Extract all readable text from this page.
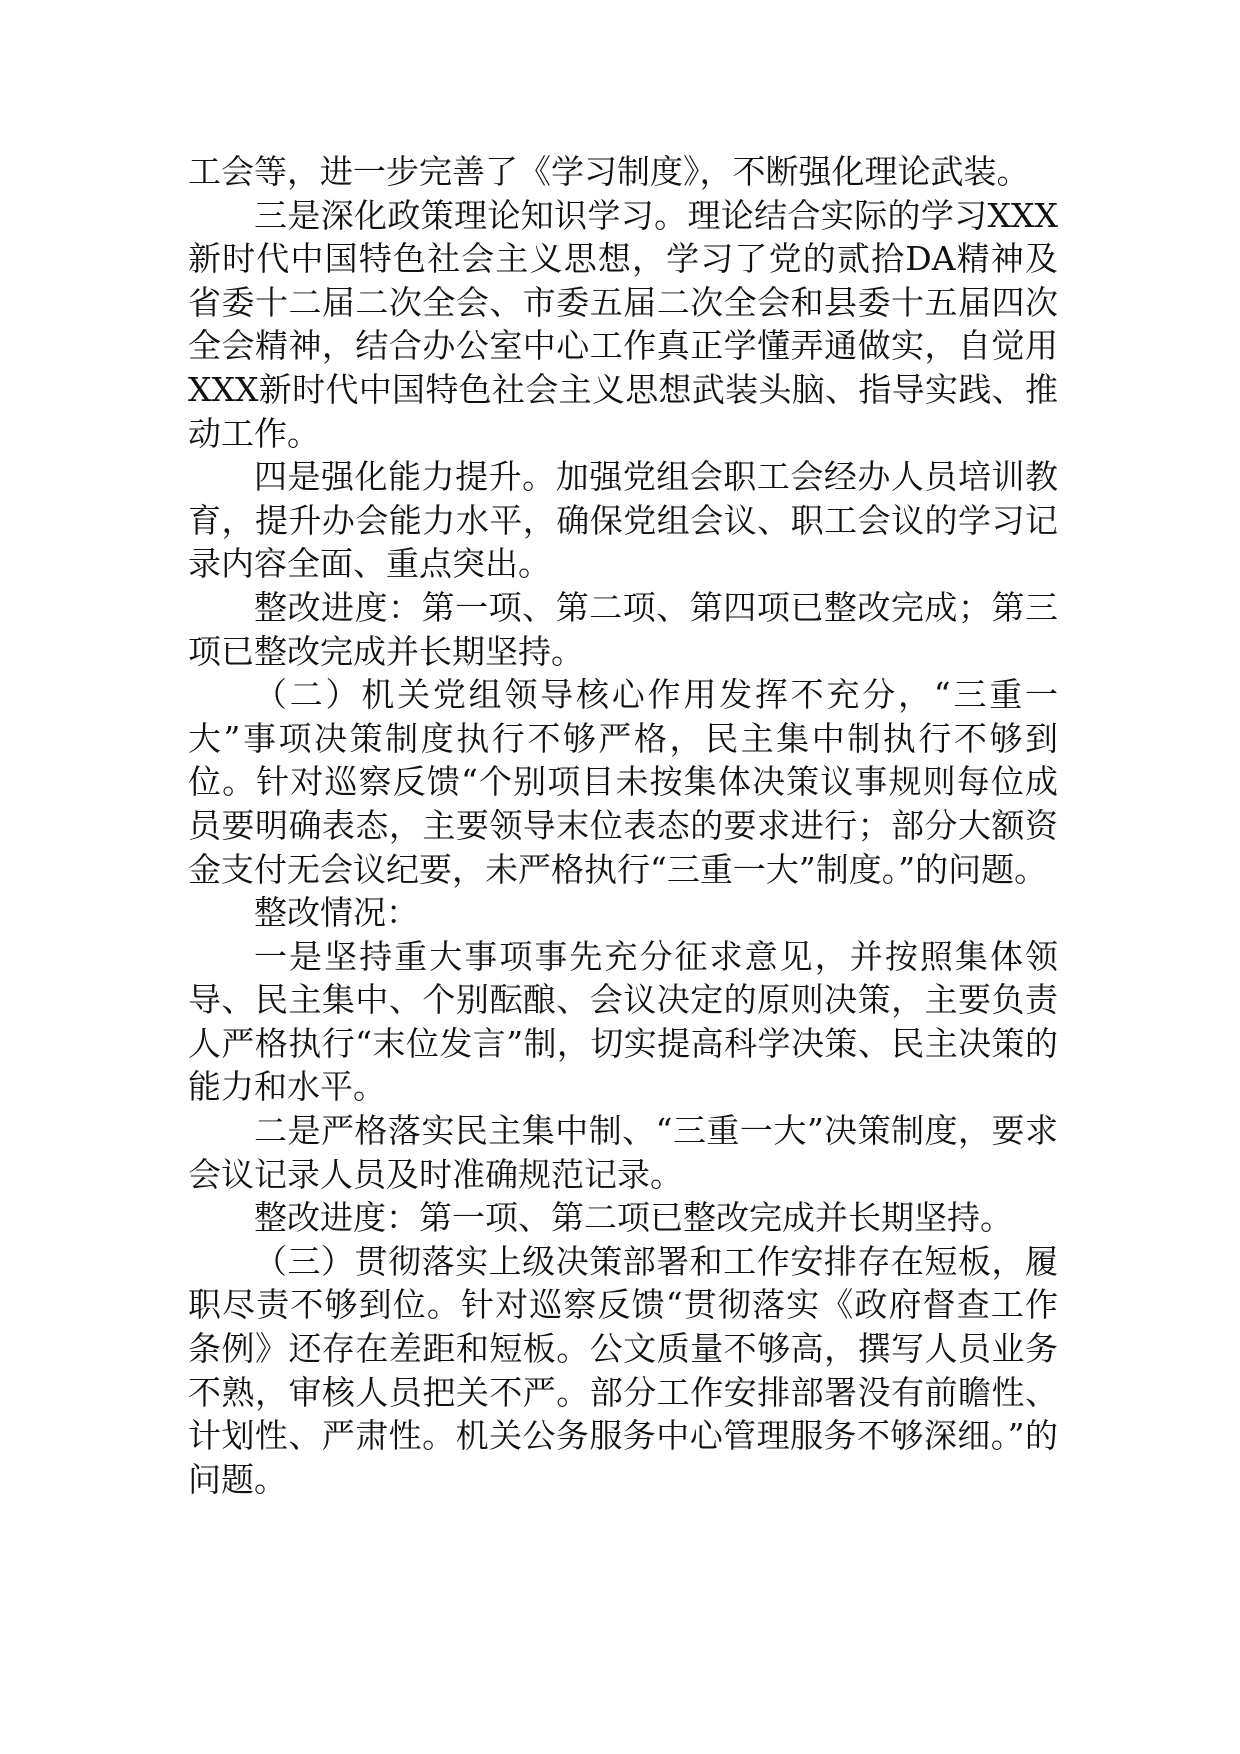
工会等，进一步完善了《学习制度》，不断强化理论武装。

三是深化政策理论知识学习。理论结合实际的学习XXX新时代中国特色社会主义思想，学习了党的贰拾DA精神及省委十二届二次全会、市委五届二次全会和县委十五届四次全会精神，结合办公室中心工作真正学懂弄通做实，自觉用XXX新时代中国特色社会主义思想武装头脑、指导实践、推动工作。

四是强化能力提升。加强党组会职工会经办人员培训教育，提升办会能力水平，确保党组会议、职工会议的学习记录内容全面、重点突出。

整改进度：第一项、第二项、第四项已整改完成；第三项已整改完成并长期坚持。

（二）机关党组领导核心作用发挥不充分，“三重一大”事项决策制度执行不够严格，民主集中制执行不够到位。针对巡察反馈“个别项目未按集体决策议事规则每位成员要明确表态，主要领导末位表态的要求进行；部分大额资金支付无会议纪要，未严格执行“三重一大”制度。”的问题。

整改情况：

一是坚持重大事项事先充分征求意见，并按照集体领导、民主集中、个别酝酿、会议决定的原则决策，主要负责人严格执行“末位发言”制，切实提高科学决策、民主决策的能力和水平。

二是严格落实民主集中制、“三重一大”决策制度，要求会议记录人员及时准确规范记录。

整改进度：第一项、第二项已整改完成并长期坚持。

（三）贯彻落实上级决策部署和工作安排存在短板，履职尽责不够到位。针对巡察反馈“贯彻落实《政府督查工作条例》还存在差距和短板。公文质量不够高，撰写人员业务不熟，审核人员把关不严。部分工作安排部署没有前瞻性、计划性、严肃性。机关公务服务中心管理服务不够深细。”的问题。
